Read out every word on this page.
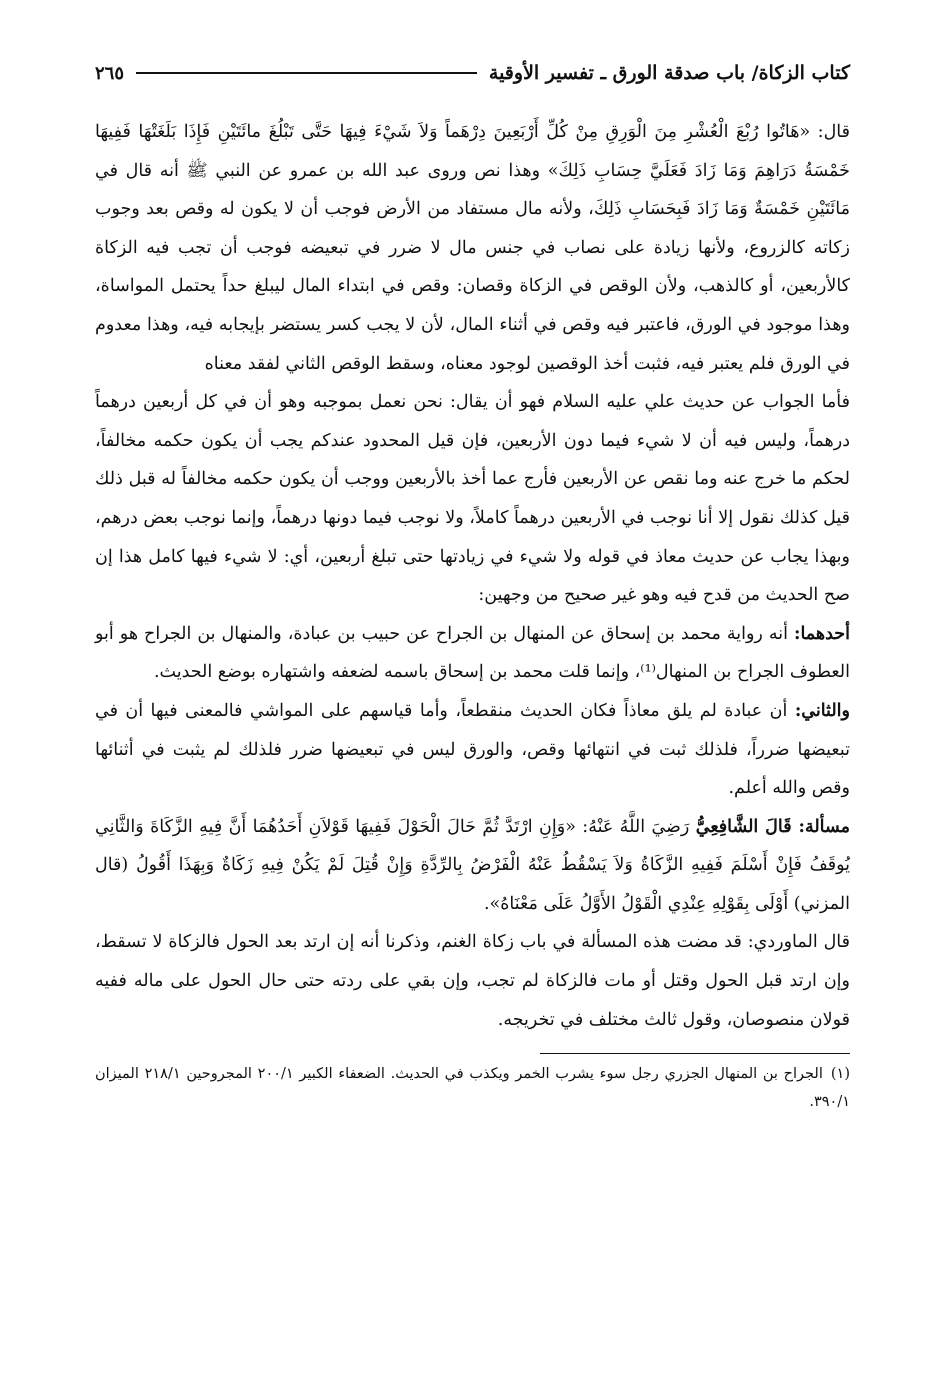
كتاب الزكاة/ باب صدقة الورق ـ تفسير الأوقية
٢٦٥

قال: «هَاتُوا رُبْعَ الْعُشْرِ مِنَ الْوَرِقِ مِنْ كُلِّ أَرْبَعِينَ دِرْهَماً وَلاَ شَيْءَ فِيهَا حَتَّى تَبْلُغَ مائَتَيْنِ فَإِذَا بَلَغَتْهَا فَفِيهَا خَمْسَةُ دَرَاهِمَ وَمَا زَادَ فَعَلَيَّ حِسَابِ ذَلِكَ» وهذا نص وروى عبد الله بن عمرو عن النبي ﷺ أنه قال في مَائَتَيْنِ خَمْسَةٌ وَمَا زَادَ فَبِحَسَابِ ذَلِكَ، ولأنه مال مستفاد من الأرض فوجب أن لا يكون له وقص بعد وجوب زكاته كالزروع، ولأنها زيادة على نصاب في جنس مال لا ضرر في تبعيضه فوجب أن تجب فيه الزكاة كالأربعين، أو كالذهب، ولأن الوقص في الزكاة وقصان: وقص في ابتداء المال ليبلغ حداً يحتمل المواساة، وهذا موجود في الورق، فاعتبر فيه وقص في أثناء المال، لأن لا يجب كسر يستضر بإيجابه فيه، وهذا معدوم في الورق فلم يعتبر فيه، فثبت أخذ الوقصين لوجود معناه، وسقط الوقص الثاني لفقد معناه

فأما الجواب عن حديث علي عليه السلام فهو أن يقال: نحن نعمل بموجبه وهو أن في كل أربعين درهماً درهماً، وليس فيه أن لا شيء فيما دون الأربعين، فإن قيل المحدود عندكم يجب أن يكون حكمه مخالفاً، لحكم ما خرج عنه وما نقص عن الأربعين فأرج عما أخذ بالأربعين ووجب أن يكون حكمه مخالفاً له قبل ذلك قيل كذلك نقول إلا أنا نوجب في الأربعين درهماً كاملاً، ولا نوجب فيما دونها درهماً، وإنما نوجب بعض درهم، وبهذا يجاب عن حديث معاذ في قوله ولا شيء في زيادتها حتى تبلغ أربعين، أي: لا شيء فيها كامل هذا إن صح الحديث من قدح فيه وهو غير صحيح من وجهين:

أحدهما: أنه رواية محمد بن إسحاق عن المنهال بن الجراح عن حبيب بن عبادة، والمنهال بن الجراح هو أبو العطوف الجراح بن المنهال⁽¹⁾، وإنما قلت محمد بن إسحاق باسمه لضعفه واشتهاره بوضع الحديث.

والثاني: أن عبادة لم يلق معاذاً فكان الحديث منقطعاً، وأما قياسهم على المواشي فالمعنى فيها أن في تبعيضها ضرراً، فلذلك ثبت في انتهائها وقص، والورق ليس في تبعيضها ضرر فلذلك لم يثبت في أثنائها وقص والله أعلم.

مسألة: قَالَ الشَّافِعِيُّ رَضِيَ اللَّهُ عَنْهُ: «وَإِنِ ارْتَدَّ ثُمَّ حَالَ الْحَوْلَ فَفِيهَا قَوْلاَنِ أَحَدُهُمَا أَنَّ فِيهِ الزَّكَاةَ وَالثَّانِي يُوقَفُ فَإِنْ أَسْلَمَ فَفِيهِ الزَّكَاةُ وَلاَ يَسْقُطُ عَنْهُ الْفَرْضُ بِالرِّدَّةِ وَإِنْ قُتِلَ لَمْ يَكُنْ فِيهِ زَكَاةٌ وَبِهَذَا أَقُولُ (قال المزني) أَوْلَى بِقَوْلِهِ عِنْدِي الْقَوْلُ الأَوَّلُ عَلَى مَعْنَاهُ».

قال الماوردي: قد مضت هذه المسألة في باب زكاة الغنم، وذكرنا أنه إن ارتد بعد الحول فالزكاة لا تسقط، وإن ارتد قبل الحول وقتل أو مات فالزكاة لم تجب، وإن بقي على ردته حتى حال الحول على ماله ففيه قولان منصوصان، وقول ثالث مختلف في تخريجه.

(١)الجراح بن المنهال الجزري رجل سوء يشرب الخمر ويكذب في الحديث. الضعفاء الكبير ٢٠٠/١ المجروحين ٢١٨/١ الميزان ٣٩٠/١.
